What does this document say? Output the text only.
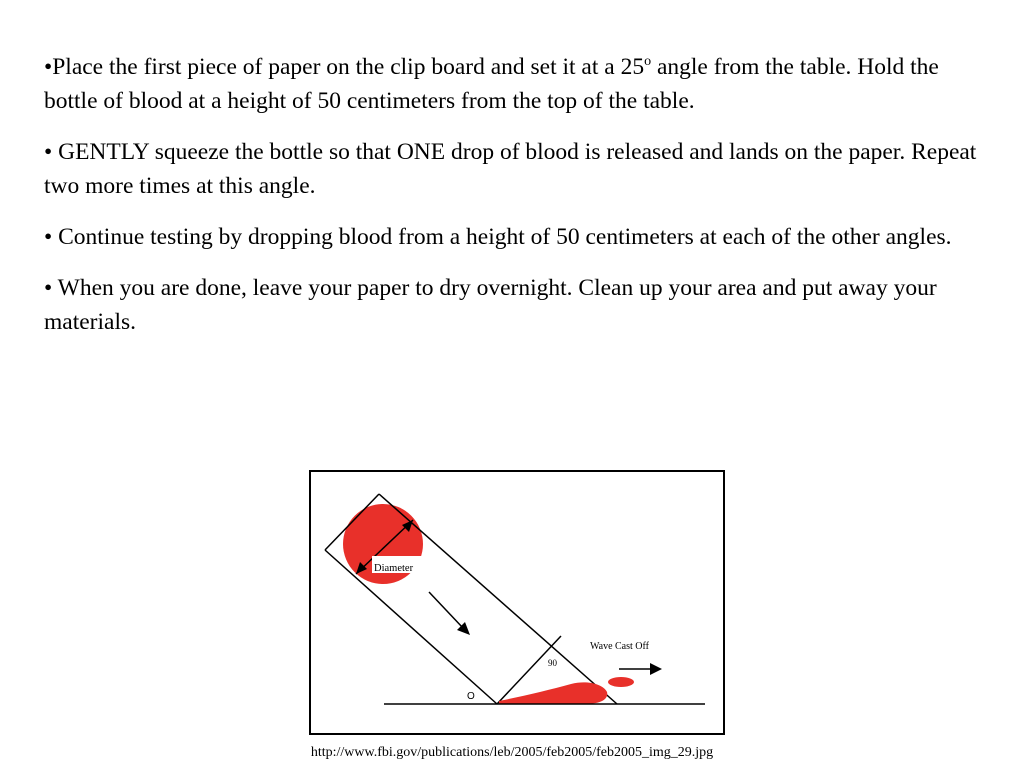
•Place the first piece of paper on the clip board and set it at a 25$^o$ angle from the table. Hold the bottle of blood at a height of 50 centimeters from the top of the table.
• GENTLY squeeze the bottle so that ONE drop of blood is released and lands on the paper. Repeat two more times at this angle.
• Continue testing by dropping blood from a height of 50 centimeters at each of the other angles.
• When you are done, leave your paper to dry overnight. Clean up your area and put away your materials.
Diameter
90
Wave Cast Off
O
http://www.fbi.gov/publications/leb/2005/feb2005/feb2005_img_29.jpg
